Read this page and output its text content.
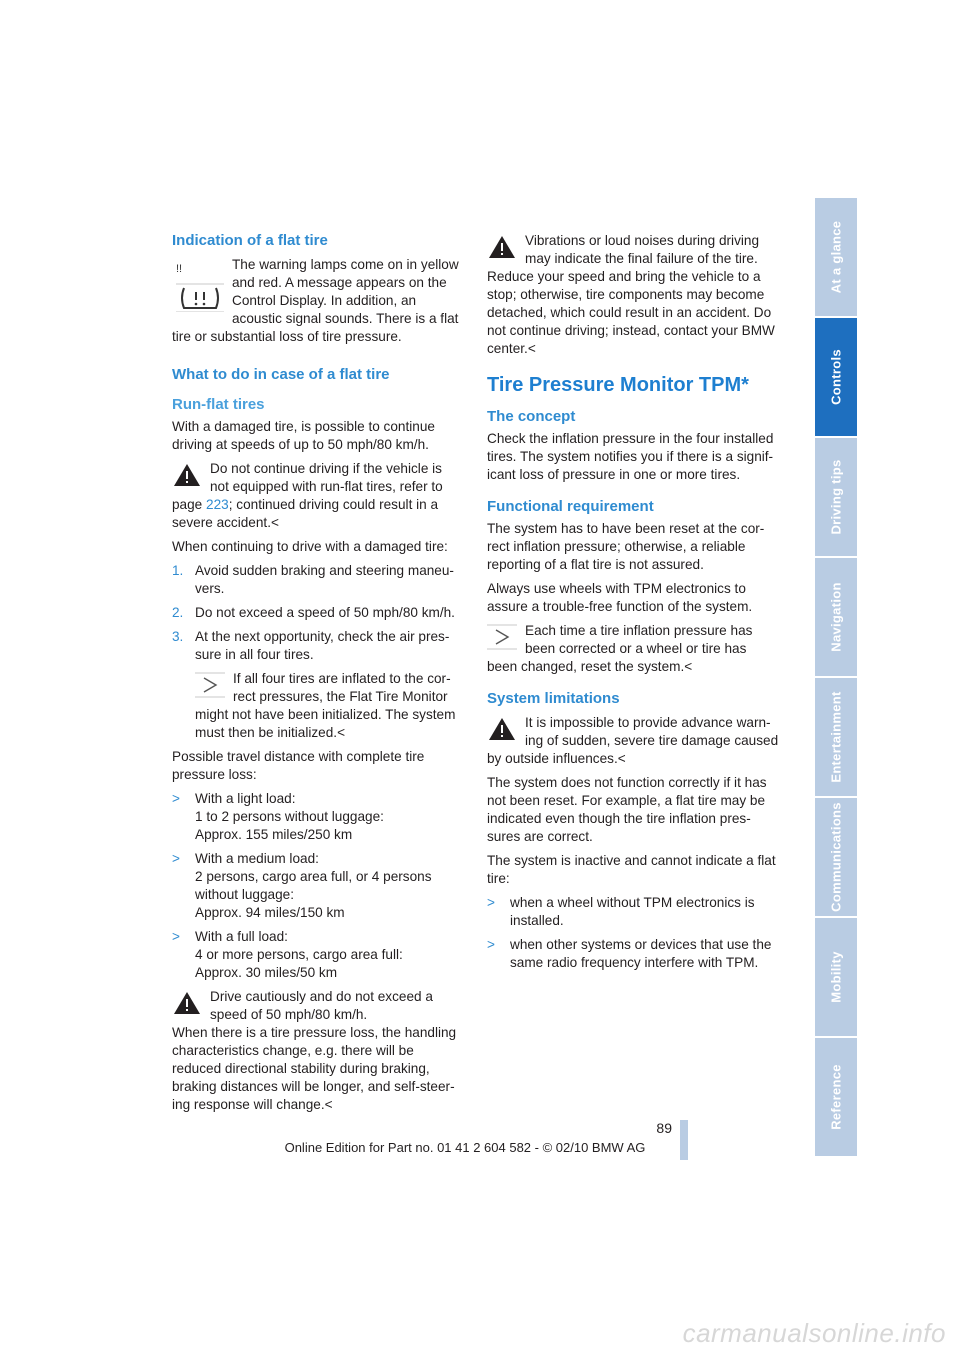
Indication of a flat tire

!!	The warning lamps come on in yellow and red. A message appears on the Control Display. In addition, an acoustic signal sounds. There is a flat tire or substantial loss of tire pressure.

What to do in case of a flat tire

Run-flat tires

With a damaged tire, is possible to continue driving at speeds of up to 50 mph/80 km/h.

Do not continue driving if the vehicle is not equipped with run-flat tires, refer to page 223; continued driving could result in a severe accident.<

When continuing to drive with a damaged tire:

1. Avoid sudden braking and steering maneu-vers.
2. Do not exceed a speed of 50 mph/80 km/h.
3. At the next opportunity, check the air pres-sure in all four tires.
If all four tires are inflated to the cor-rect pressures, the Flat Tire Monitor might not have been initialized. The system must then be initialized.<

Possible travel distance with complete tire pressure loss:

> With a light load:
1 to 2 persons without luggage:
Approx. 155 miles/250 km
> With a medium load:
2 persons, cargo area full, or 4 persons without luggage:
Approx. 94 miles/150 km
> With a full load:
4 or more persons, cargo area full:
Approx. 30 miles/50 km
Drive cautiously and do not exceed a speed of 50 mph/80 km/h.

When there is a tire pressure loss, the handling characteristics change, e.g. there will be reduced directional stability during braking, braking distances will be longer, and self-steer-ing response will change.<

Vibrations or loud noises during driving may indicate the final failure of the tire. Reduce your speed and bring the vehicle to a stop; otherwise, tire components may become detached, which could result in an accident. Do not continue driving; instead, contact your BMW center.<

Tire Pressure Monitor TPM*

The concept

Check the inflation pressure in the four installed tires. The system notifies you if there is a signif-icant loss of pressure in one or more tires.

Functional requirement

The system has to have been reset at the cor-rect inflation pressure; otherwise, a reliable reporting of a flat tire is not assured.

Always use wheels with TPM electronics to assure a trouble-free function of the system.

Each time a tire inflation pressure has been corrected or a wheel or tire has been changed, reset the system.<

System limitations

It is impossible to provide advance warn-ing of sudden, severe tire damage caused by outside influences.<

The system does not function correctly if it has not been reset. For example, a flat tire may be indicated even though the tire inflation pres-sures are correct.

The system is inactive and cannot indicate a flat tire:

> when a wheel without TPM electronics is installed.
> when other systems or devices that use the same radio frequency interfere with TPM.
At a glance
Controls
Driving tips
Navigation
Entertainment
Communications
Mobility
Reference
89
Online Edition for Part no. 01 41 2 604 582 - © 02/10 BMW AG
carmanualsonline.info
